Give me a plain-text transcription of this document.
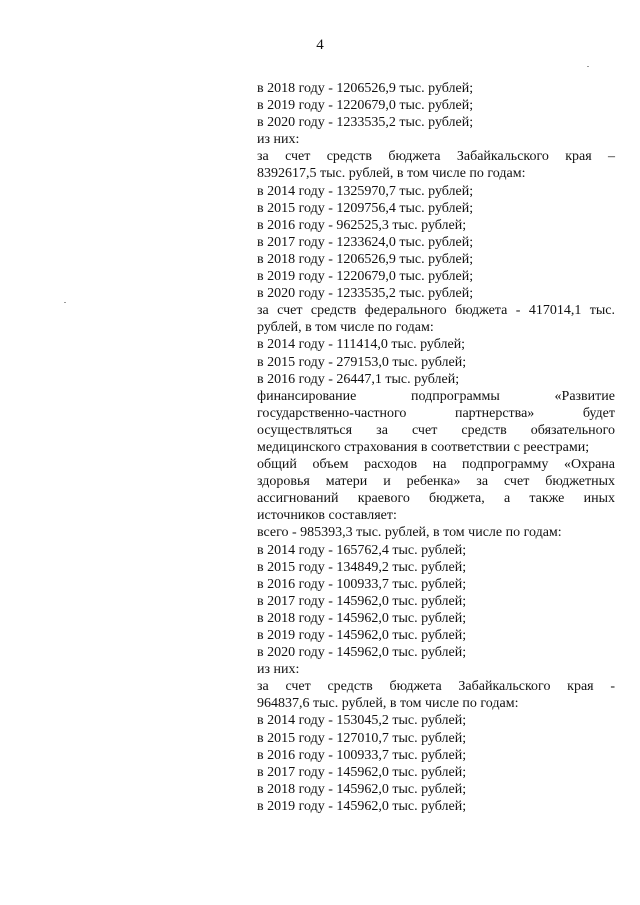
4
в 2018 году - 1206526,9 тыс. рублей;
в 2019 году - 1220679,0 тыс. рублей;
в 2020 году - 1233535,2 тыс. рублей;
из них:
за счет средств бюджета Забайкальского края –
8392617,5 тыс. рублей, в том числе по годам:
в 2014 году - 1325970,7 тыс. рублей;
в 2015 году - 1209756,4 тыс. рублей;
в 2016 году - 962525,3 тыс. рублей;
в 2017 году - 1233624,0 тыс. рублей;
в 2018 году - 1206526,9 тыс. рублей;
в 2019 году - 1220679,0 тыс. рублей;
в 2020 году - 1233535,2 тыс. рублей;
за счет средств федерального бюджета - 417014,1 тыс.
рублей, в том числе по годам:
в 2014 году - 111414,0 тыс. рублей;
в 2015 году - 279153,0 тыс. рублей;
в 2016 году - 26447,1 тыс. рублей;
финансирование подпрограммы «Развитие
государственно-частного партнерства» будет
осуществляться за счет средств обязательного
медицинского страхования в соответствии с реестрами;
общий объем расходов на подпрограмму «Охрана
здоровья матери и ребенка» за счет бюджетных
ассигнований краевого бюджета, а также иных
источников составляет:
всего - 985393,3 тыс. рублей, в том числе по годам:
в 2014 году - 165762,4 тыс. рублей;
в 2015 году - 134849,2 тыс. рублей;
в 2016 году - 100933,7 тыс. рублей;
в 2017 году - 145962,0 тыс. рублей;
в 2018 году - 145962,0 тыс. рублей;
в 2019 году - 145962,0 тыс. рублей;
в 2020 году - 145962,0 тыс. рублей;
из них:
за счет средств бюджета Забайкальского края -
964837,6 тыс. рублей, в том числе по годам:
в 2014 году - 153045,2 тыс. рублей;
в 2015 году - 127010,7 тыс. рублей;
в 2016 году - 100933,7 тыс. рублей;
в 2017 году - 145962,0 тыс. рублей;
в 2018 году - 145962,0 тыс. рублей;
в 2019 году - 145962,0 тыс. рублей;
